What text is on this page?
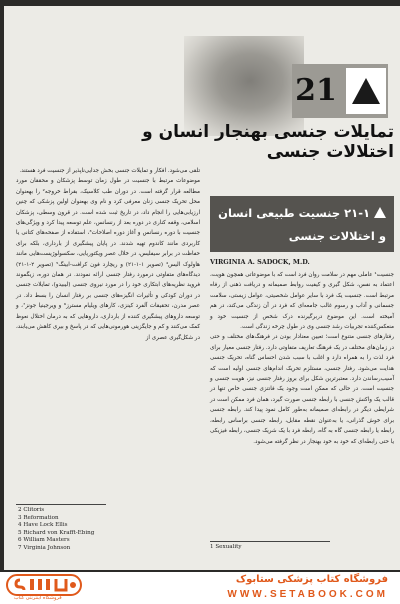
21
تمایلات جنسی بهنجار انسان و اختلالات جنسی
۲۱-۱ جنسیت طبیعی انسان و اختلالات جنسی
VIRGINIA A. SADOCK, M.D.

تلقی می‌شود. افکار و تمایلات جنسی بخش جدایی‌ناپذیر از جنسیت فرد هستند.

موضوعات مرتبط با جنسیت در طول زمان توسط پزشکان و محققان مورد مطالعه قرار گرفته است. در دوران طب کلاسیک، بقراط خروجه² را بهعنوان محل تحریک جنسی زنان معرفی کرد و نام وی بهعنوان اولین پزشکی که چنین ارزیابی‌هایی را انجام داد، در تاریخ ثبت شده است. در قرون وسطی، پزشکان اسلامی، وقفه کناری در دوره بعد از رنسانس، علم توسعه پیدا کرد و ویژگی‌های جنسیت با دوره رنسانس و آغاز دوره اصلاحات³، استفاده از صفحه‌های کتانی یا کاربردی مانند کاندوم تهیه شدند. در پایان پیشگیری از بارداری، بلکه برای حفاظت در برابر سیفلیس، در خلال عصر ویکتوریایی، سکسولوژیست‌هایی مانند هاولوک الیس⁴ (تصویر ۱-۱-۲۱) و ریچارد فون کرافت-ابینگ⁵ (تصویر ۲-۱-۲۱) دیدگاه‌های متفاوتی درمورد رفتار جنسی ارائه نمودند. در همان دوره، زیگموند فروید نظریه‌های ابتکاری خود را در مورد نیروی جنسی (لیبیدو)، تمایلات جنسی در دوران کودکی و تأثیرات انگیزه‌های جنسی بر رفتار انسان را بسط داد. در عصر مدرن، تحقیقات آلفرد کینزی، کارهای ویلیام مسترز⁶ و ویرجینیا جونز⁷، و توسعه داروهای پیشگیری کننده از بارداری، داروهایی که به درمان اختلال نعوظ کمک می‌کنند و کم و جایگزینی هورمونی‌هایی که در پاسخ و بیری کاهش می‌یابند، در شکل‌گیری عصری از

جنسیت¹ عاملی مهم در سلامت روان فرد است که با موضوعاتی همچون هویت، اعتماد به نفس، شکل گیری و کیفیت روابط صمیمانه و دریافت ذهنی از رفاه مرتبط است. جنسیت یک فرد با سایر عوامل شخصیتی، عوامل زیستی، سلامت جسمانی و آداب و رسوم غالب جامعه‌ای که فرد در آن زندگی می‌کند، در هم آمیخته است. این موضوع دربرگیرنده درک شخص از جنسیت خود و منعکس‌کننده تجربیات رشد جنسی وی در طول چرخه زندگی است.

رفتارهای جنسی متنوع است؛ تعیین معنادار بودن در فرهنگ‌های مختلف و حتی در زمان‌های مختلف در یک فرهنگ تعاریف متفاوتی دارد. رفتار جنسی معیار برای فرد لذت را به همراه دارد و اغلب با سبب شدن احساس گناه، تحریک جنسی هدایت می‌شود. رفتار جنسی، مستلزم تحریک اندام‌های جنسی اولیه است که آسیب‌رساندن دارد. معتبرترین شکل برای بروز رفتار جنسی نیز، هویت جنسی و جنسیت است. در حالی که ممکن است وجود یک فانتزی جنسی خاص تنها در قالب یک واکنش جنسی با رابطه جنسی صورت گیرد، همان فرد ممکن است در شرایطی دیگر در رابطه‌ای صمیمانه به‌طور کامل نمود پیدا کند. رابطه جنسی برای خوش گذرانی، یا به‌عنوان نقطه مقابل، رابطه جنسی براساس رابطه، رابطه یا رابطه جنسی گاه به گاه، رابطه فرد با یک شریک جنسی، رابطه فیزیکی یا حتی رابطه‌ای که خود به خود بهنجار در نظر گرفته می‌شود.

2 Clitoris
3 Reformation
4 Have Lock Ellis
5 Richard von Krafft-Ebing
6 William Masters
7 Virginia Johnson	1 Sexuality
فروشگاه اینترنتی کتاب
فروشگاه کتاب پزشکی ستابوک
WWW.SETABOOK.COM
